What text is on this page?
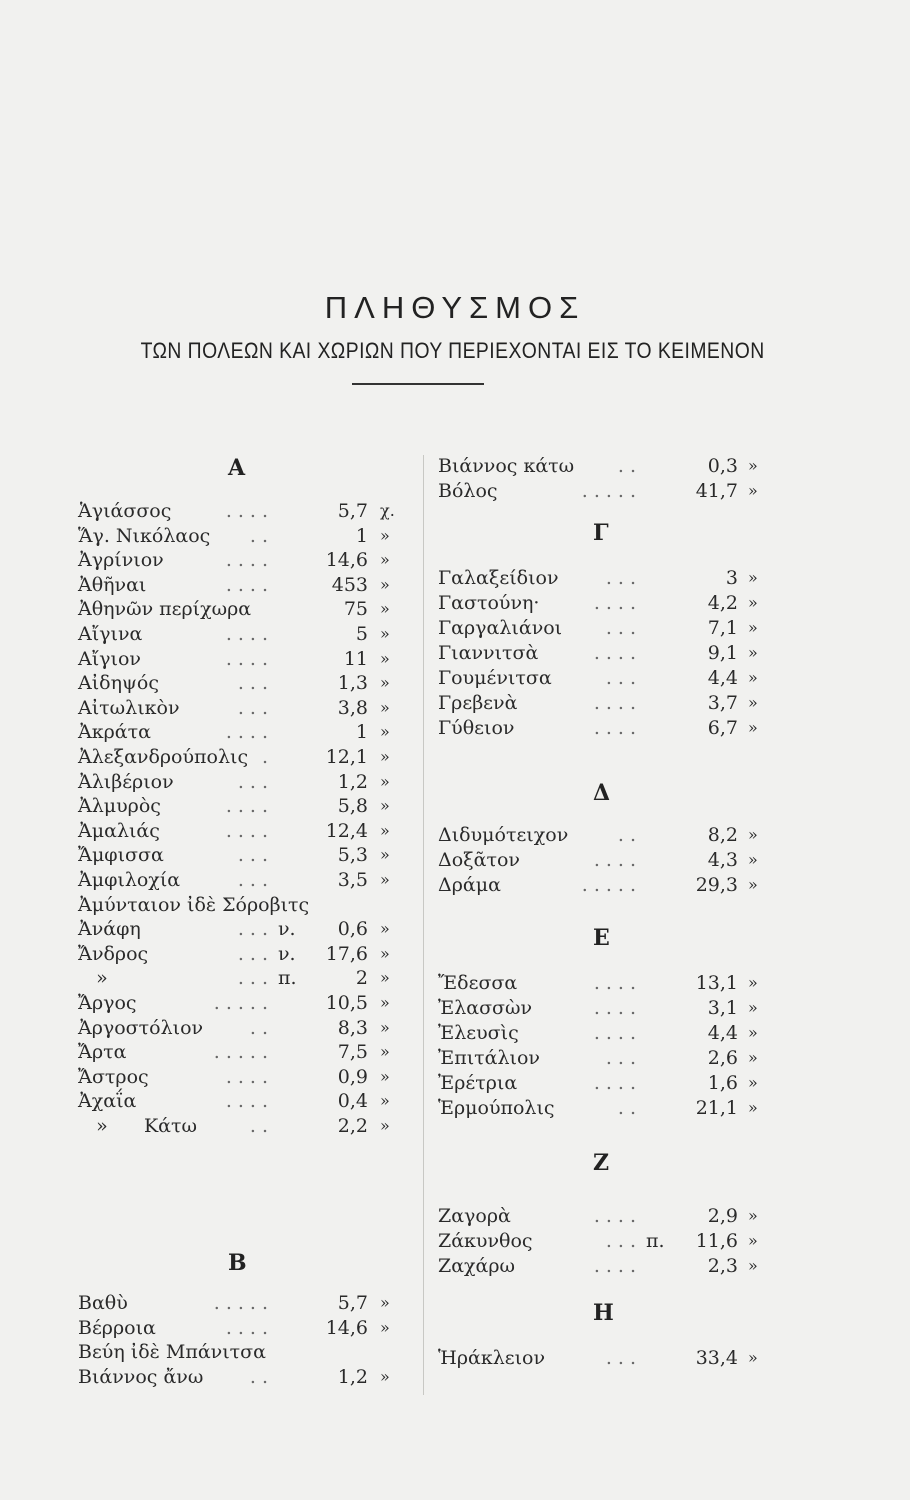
ΠΛΗΘΥΣΜΟΣ
ΤΩΝ ΠΟΛΕΩΝ ΚΑΙ ΧΩΡΙΩΝ ΠΟΥ ΠΕΡΙΕΧΟΝΤΑΙ ΕΙΣ ΤΟ ΚΕΙΜΕΝΟΝ
Α
Ἁγιάσσος	....	5,7 χ.
Ἅγ. Νικόλαος ..	1 »
Ἀγρίνιον	....	14,6 »
Ἀθῆναι	....	453 »
Ἀθηνῶν περίχωρα	75 »
Αἴγινα	....	5 »
Αἴγιον	....	11 »
Αἰδηψός	...	1,3 »
Αἰτωλικὸν	...	3,8 »
Ἀκράτα	....	1 »
Ἀλεξανδρούπολις .	12,1 »
Ἀλιβέριον	...	1,2 »
Ἀλμυρὸς	....	5,8 »
Ἀμαλιάς	....	12,4 »
Ἄμφισσα	...	5,3 »
Ἀμφιλοχία	...	3,5 »
Ἀμύνταιον ἰδὲ Σόροβιτς
Ἀνάφη	... ν. 0,6 »
Ἄνδρος	... ν. 17,6 »
»	... π.	2 »
Ἄργος	.....	10,5 »
Ἀργοστόλιον ..	8,3 »
Ἄρτα	.....	7,5 »
Ἄστρος	....	0,9 »
Ἀχαΐα	....	0,4 »
»      Κάτω	..	2,2 »
Β
Βαθὺ	.....	5,7 »
Βέρροια	....	14,6 »
Βεύη ἰδὲ Μπάνιτσα
Βιάννος ἄνω ..	1,2 »
Βιάννος κάτω ..	0,3 »
Βόλος	.....	41,7 »
Γ
Γαλαξείδιον ...	3 »
Γαστούνη·	....	4,2 »
Γαργαλιάνοι ...	7,1 »
Γιαννιτσὰ	....	9,1 »
Γουμένιτσα	...	4,4 »
Γρεβενὰ	....	3,7 »
Γύθειον	....	6,7 »
Δ
Διδυμότειχον	..	8,2 »
Δοξᾶτον	....	4,3 »
Δράμα	.....	29,3 »
Ε
Ἔδεσσα	....	13,1 »
Ἐλασσὼν	....	3,1 »
Ἐλευσὶς	....	4,4 »
Ἐπιτάλιον	...	2,6 »
Ἐρέτρια	....	1,6 »
Ἑρμούπολις	..	21,1 »
Ζ
Ζαγορὰ	....	2,9 »
Ζάκυνθος	... π. 11,6 »
Ζαχάρω	....	2,3 »
Η
Ἡράκλειον	...	33,4 »
